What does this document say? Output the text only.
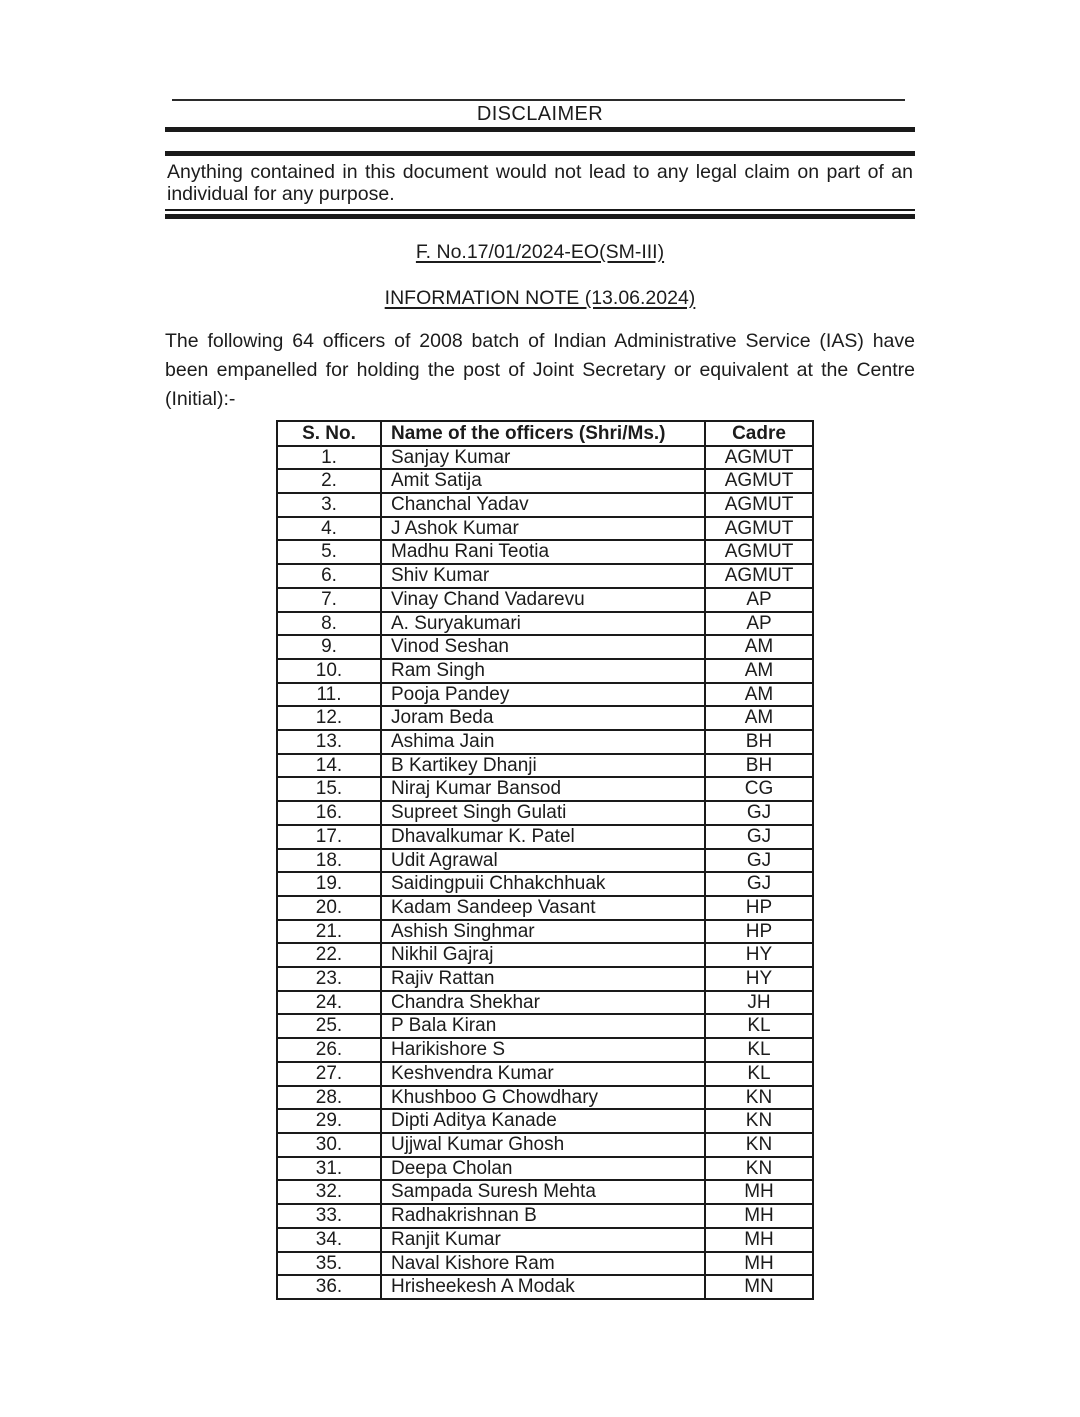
DISCLAIMER
Anything contained in this document would not lead to any legal claim on part of an individual for any purpose.
F. No.17/01/2024-EO(SM-III)
INFORMATION NOTE (13.06.2024)
The following 64 officers of 2008 batch of Indian Administrative Service (IAS) have been empanelled for holding the post of Joint Secretary or equivalent at the Centre (Initial):-
S. No.	Name of the officers (Shri/Ms.)	Cadre
1.	Sanjay Kumar	AGMUT
2.	Amit Satija	AGMUT
3.	Chanchal Yadav	AGMUT
4.	J Ashok Kumar	AGMUT
5.	Madhu Rani Teotia	AGMUT
6.	Shiv Kumar	AGMUT
7.	Vinay Chand Vadarevu	AP
8.	A. Suryakumari	AP
9.	Vinod Seshan	AM
10.	Ram Singh	AM
11.	Pooja Pandey	AM
12.	Joram Beda	AM
13.	Ashima Jain	BH
14.	B Kartikey Dhanji	BH
15.	Niraj Kumar Bansod	CG
16.	Supreet Singh Gulati	GJ
17.	Dhavalkumar K. Patel	GJ
18.	Udit Agrawal	GJ
19.	Saidingpuii Chhakchhuak	GJ
20.	Kadam Sandeep Vasant	HP
21.	Ashish Singhmar	HP
22.	Nikhil Gajraj	HY
23.	Rajiv Rattan	HY
24.	Chandra Shekhar	JH
25.	P Bala Kiran	KL
26.	Harikishore S	KL
27.	Keshvendra Kumar	KL
28.	Khushboo G Chowdhary	KN
29.	Dipti Aditya Kanade	KN
30.	Ujjwal Kumar Ghosh	KN
31.	Deepa Cholan	KN
32.	Sampada Suresh Mehta	MH
33.	Radhakrishnan B	MH
34.	Ranjit Kumar	MH
35.	Naval Kishore Ram	MH
36.	Hrisheekesh A Modak	MN
